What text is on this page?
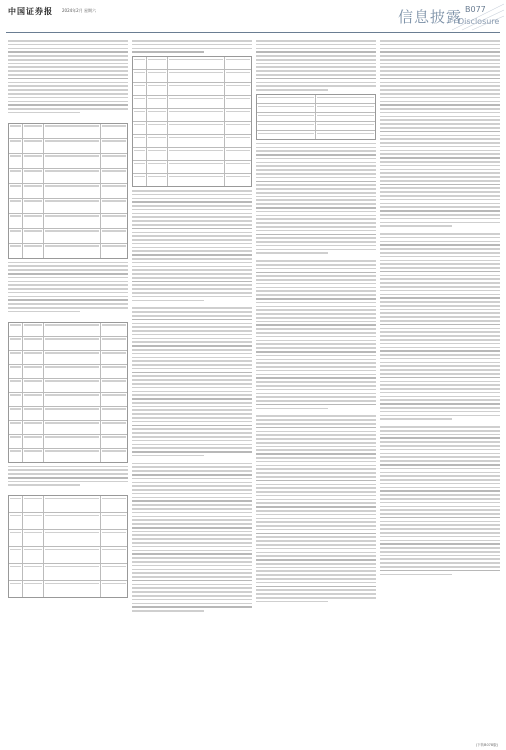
中国证券报 2024年2月 星期六	信息披露 B077
Disclosure
(下转B078版)
